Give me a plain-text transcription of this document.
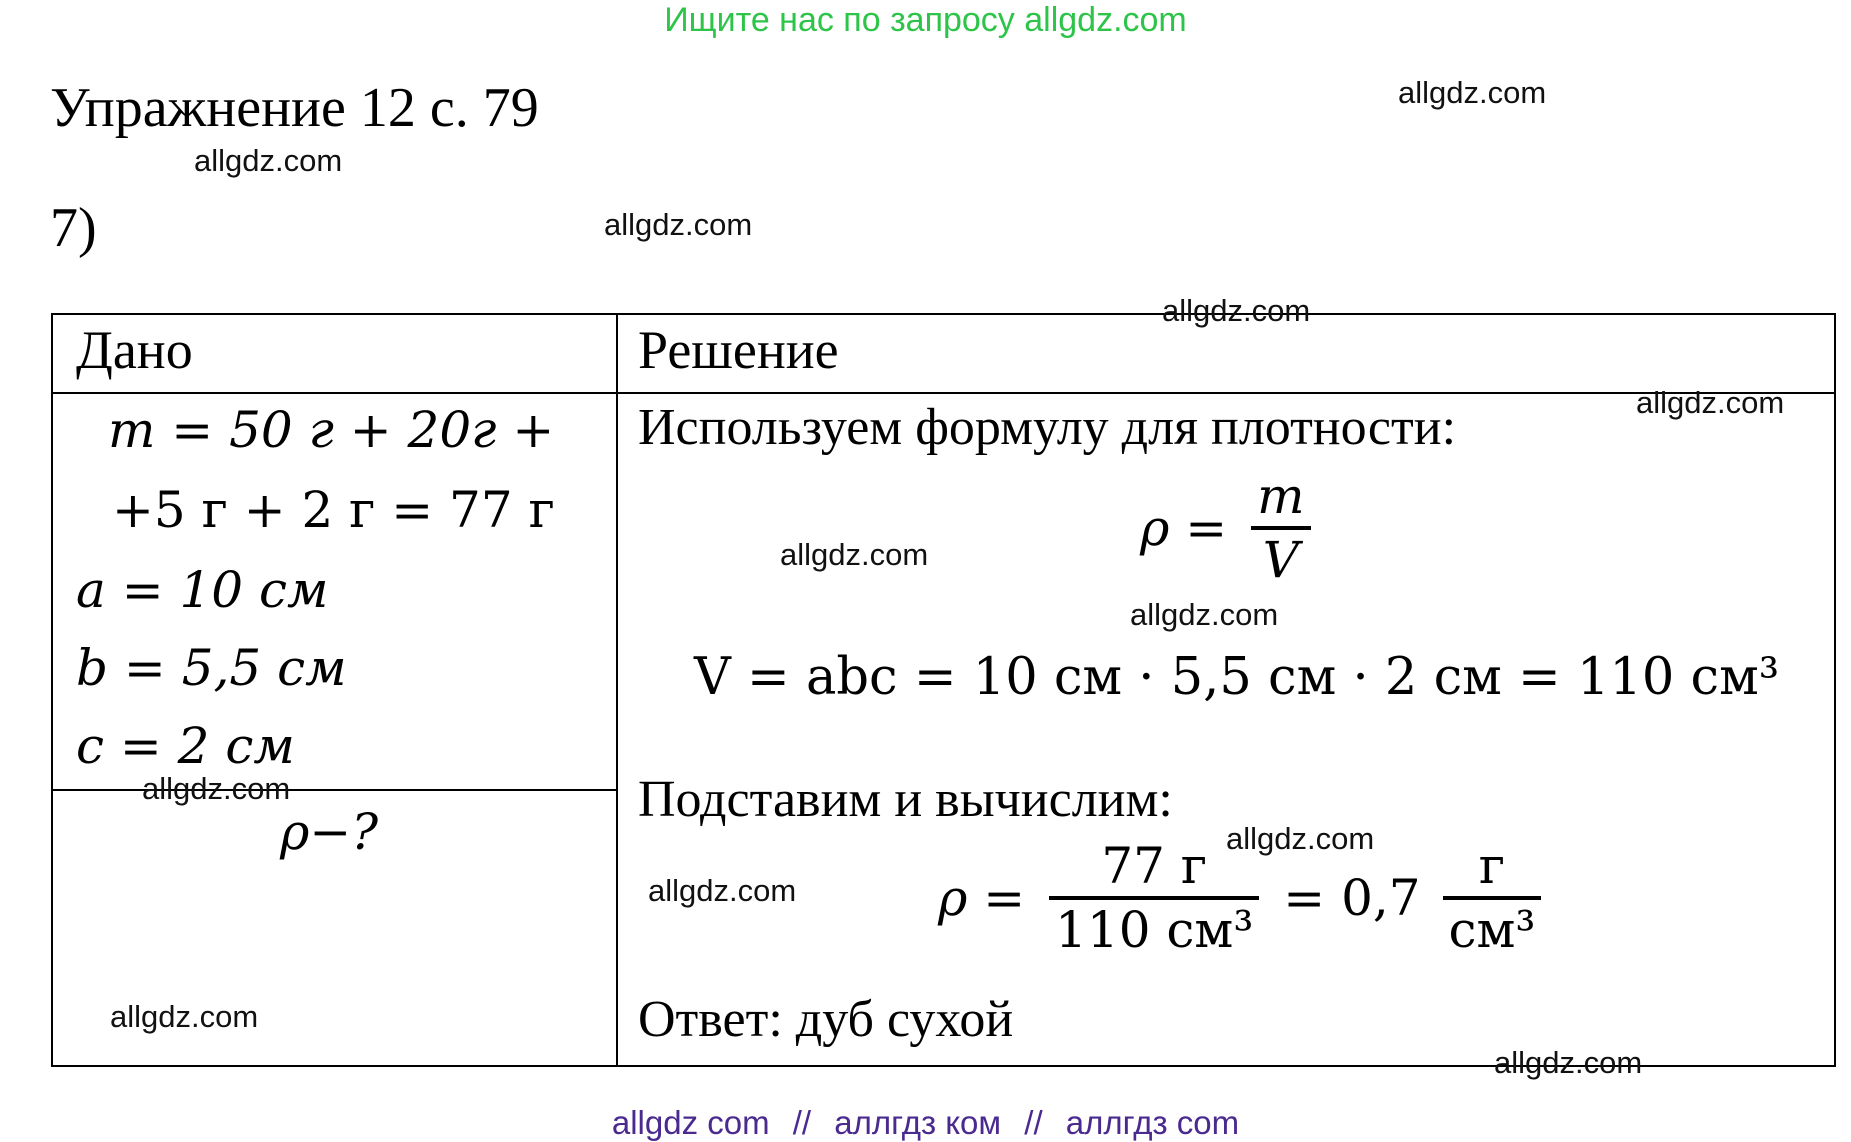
Ищите нас по запросу allgdz.com
Упражнение 12 с. 79
7)
Дано	Решение
m = 50 г + 20г +
+5 г + 2 г = 77 г
a = 10 см
b = 5,5 см
c = 2 см
ρ−?
Используем формулу для плотности:
$\rho = \frac{m}{V}$
V = abc = 10 см · 5,5 см · 2 см = 110 см³
Подставим и вычислим:
$\rho = \frac{77 г}{\text{110 см³}} = 0,7 \frac{г}{\text{см³}}$
Ответ: дуб сухой
allgdz.com
allgdz.com
allgdz.com
allgdz.com
allgdz.com
allgdz.com
allgdz.com
allgdz.com
allgdz.com
allgdz.com
allgdz.com
allgdz.com
allgdz com // аллгдз ком // аллгдз com
